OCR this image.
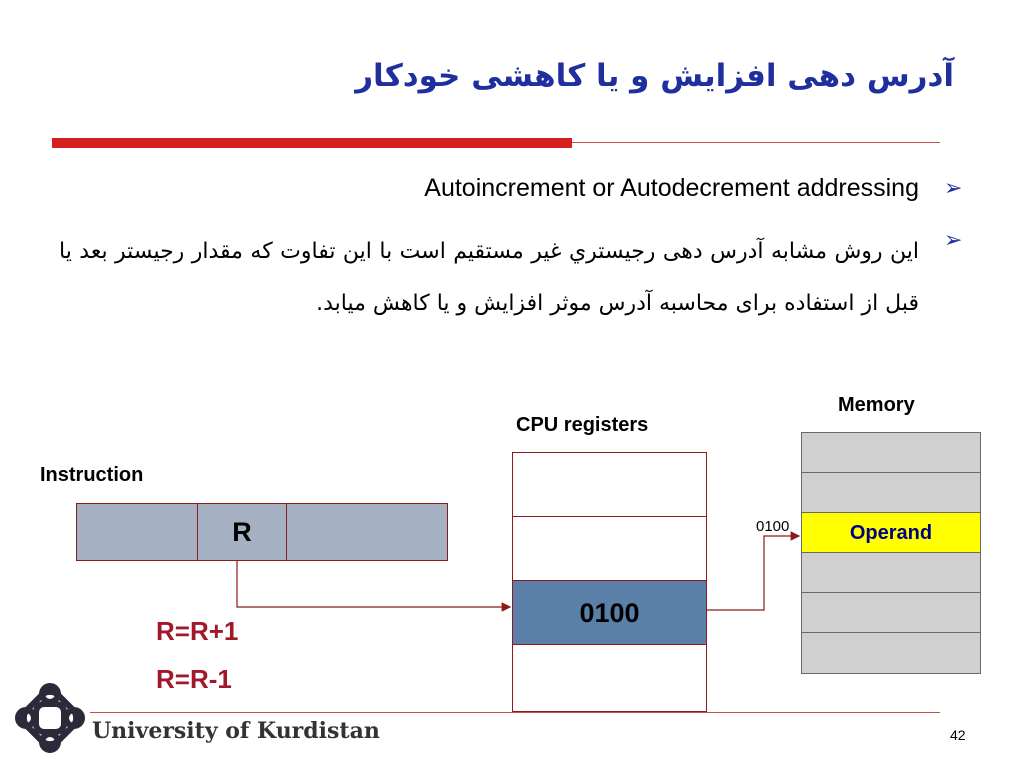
آدرس دهی افزایش و یا کاهشی خودکار
➢
Autoincrement or Autodecrement addressing
➢
این روش مشابه آدرس دهی رجیستري غیر مستقیم است با این تفاوت که مقدار رجیستر بعد یا قبل از استفاده برای محاسبه آدرس موثر افزایش و یا کاهش میابد.
Instruction
CPU registers
Memory
R
0100
Operand
0100
R=R+1
R=R-1
University of Kurdistan	42
